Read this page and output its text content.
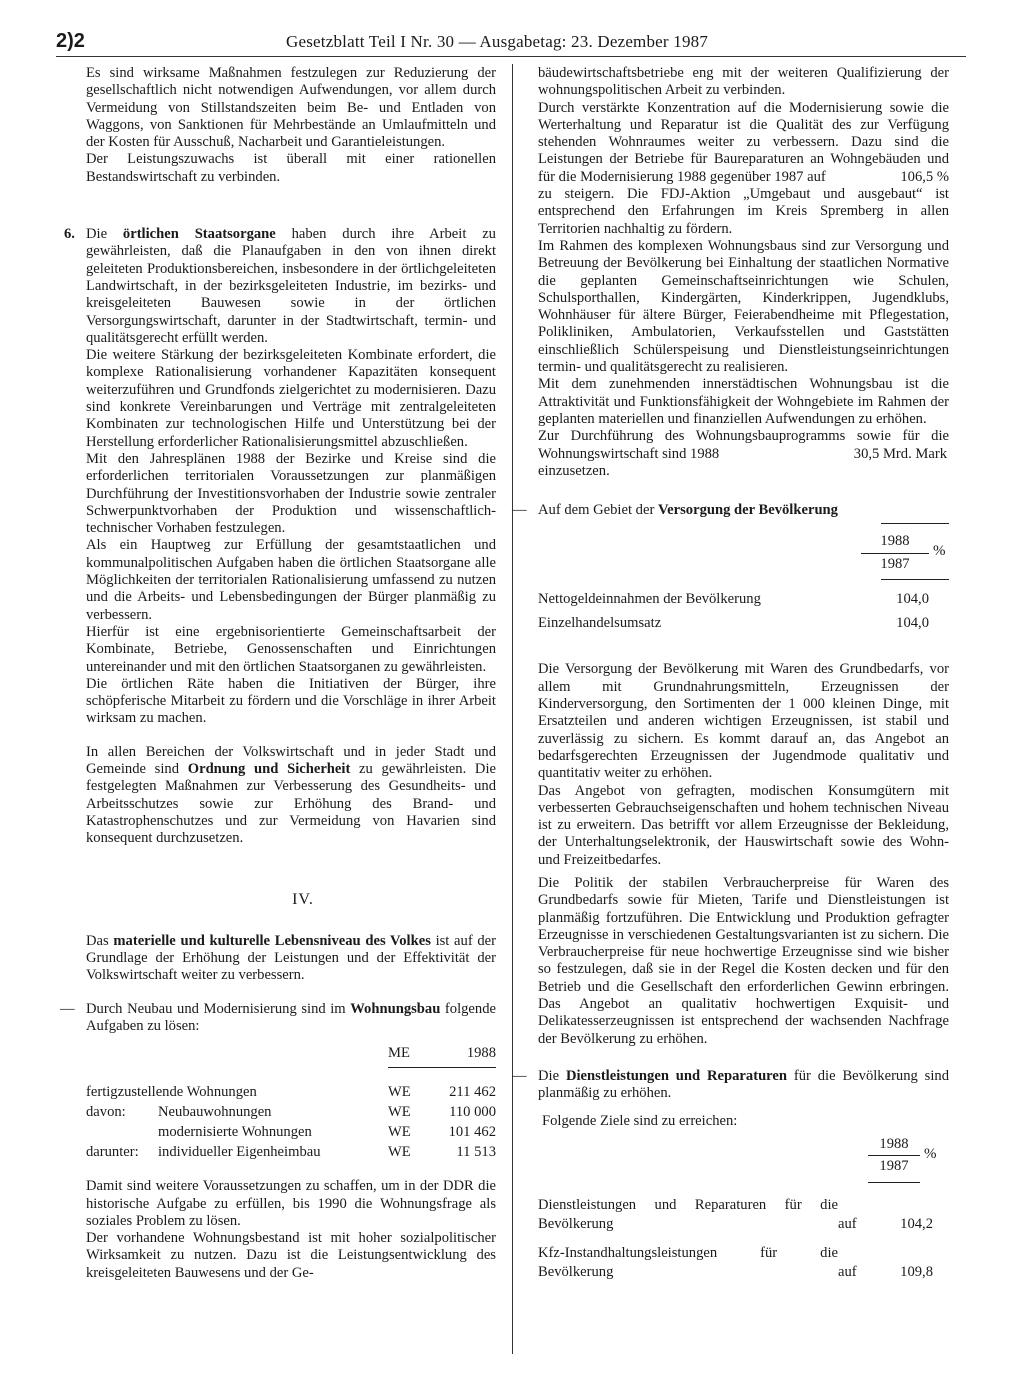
2)2	Gesetzblatt Teil I Nr. 30 — Ausgabetag: 23. Dezember 1987

Es sind wirksame Maßnahmen festzulegen zur Reduzierung der gesellschaftlich nicht notwendigen Aufwendungen, vor allem durch Vermeidung von Stillstandszeiten beim Be- und Entladen von Waggons, von Sanktionen für Mehrbestände an Umlaufmitteln und der Kosten für Ausschuß, Nacharbeit und Garantieleistungen.

Der Leistungszuwachs ist überall mit einer rationellen Bestandswirtschaft zu verbinden.

6. Die örtlichen Staatsorgane haben durch ihre Arbeit zu gewährleisten, daß die Planaufgaben in den von ihnen direkt geleiteten Produktionsbereichen, insbesondere in der örtlichgeleiteten Landwirtschaft, in der bezirksgeleiteten Industrie, im bezirks- und kreisgeleiteten Bauwesen sowie in der örtlichen Versorgungswirtschaft, darunter in der Stadtwirtschaft, termin- und qualitätsgerecht erfüllt werden.

Die weitere Stärkung der bezirksgeleiteten Kombinate erfordert, die komplexe Rationalisierung vorhandener Kapazitäten konsequent weiterzuführen und Grundfonds zielgerichtet zu modernisieren. Dazu sind konkrete Vereinbarungen und Verträge mit zentralgeleiteten Kombinaten zur technologischen Hilfe und Unterstützung bei der Herstellung erforderlicher Rationalisierungsmittel abzuschließen.

Mit den Jahresplänen 1988 der Bezirke und Kreise sind die erforderlichen territorialen Voraussetzungen zur planmäßigen Durchführung der Investitionsvorhaben der Industrie sowie zentraler Schwerpunktvorhaben der Produktion und wissenschaftlich-technischer Vorhaben festzulegen.

Als ein Hauptweg zur Erfüllung der gesamtstaatlichen und kommunalpolitischen Aufgaben haben die örtlichen Staatsorgane alle Möglichkeiten der territorialen Rationalisierung umfassend zu nutzen und die Arbeits- und Lebensbedingungen der Bürger planmäßig zu verbessern.

Hierfür ist eine ergebnisorientierte Gemeinschaftsarbeit der Kombinate, Betriebe, Genossenschaften und Einrichtungen untereinander und mit den örtlichen Staatsorganen zu gewährleisten.

Die örtlichen Räte haben die Initiativen der Bürger, ihre schöpferische Mitarbeit zu fördern und die Vorschläge in ihrer Arbeit wirksam zu machen.

In allen Bereichen der Volkswirtschaft und in jeder Stadt und Gemeinde sind Ordnung und Sicherheit zu gewährleisten. Die festgelegten Maßnahmen zur Verbesserung des Gesundheits- und Arbeitsschutzes sowie zur Erhöhung des Brand- und Katastrophenschutzes und zur Vermeidung von Havarien sind konsequent durchzusetzen.

IV.

Das materielle und kulturelle Lebensniveau des Volkes ist auf der Grundlage der Erhöhung der Leistungen und der Effektivität der Volkswirtschaft weiter zu verbessern.

— Durch Neubau und Modernisierung sind im Wohnungsbau folgende Aufgaben zu lösen:

		ME	1988

fertigzustellende Wohnungen		WE	211 462
davon:	Neubauwohnungen	WE	110 000
	modernisierte Wohnungen	WE	101 462
darunter:	individueller Eigenheimbau	WE	11 513

Damit sind weitere Voraussetzungen zu schaffen, um in der DDR die historische Aufgabe zu erfüllen, bis 1990 die Wohnungsfrage als soziales Problem zu lösen.

Der vorhandene Wohnungsbestand ist mit hoher sozialpolitischer Wirksamkeit zu nutzen. Dazu ist die Leistungsentwicklung des kreisgeleiteten Bauwesens und der Ge-

bäudewirtschaftsbetriebe eng mit der weiteren Qualifizierung der wohnungspolitischen Arbeit zu verbinden.

Durch verstärkte Konzentration auf die Modernisierung sowie die Werterhaltung und Reparatur ist die Qualität des zur Verfügung stehenden Wohnraumes weiter zu verbessern. Dazu sind die Leistungen der Betriebe für Baureparaturen an Wohngebäuden und für die Modernisierung 1988 gegenüber 1987 auf	106,5 %

zu steigern. Die FDJ-Aktion „Umgebaut und ausgebaut“ ist entsprechend den Erfahrungen im Kreis Spremberg in allen Territorien nachhaltig zu fördern.

Im Rahmen des komplexen Wohnungsbaus sind zur Versorgung und Betreuung der Bevölkerung bei Einhaltung der staatlichen Normative die geplanten Gemeinschaftseinrichtungen wie Schulen, Schulsporthallen, Kindergärten, Kinderkrippen, Jugendklubs, Wohnhäuser für ältere Bürger, Feierabendheime mit Pflegestation, Polikliniken, Ambulatorien, Verkaufsstellen und Gaststätten einschließlich Schülerspeisung und Dienstleistungseinrichtungen termin- und qualitätsgerecht zu realisieren.

Mit dem zunehmenden innerstädtischen Wohnungsbau ist die Attraktivität und Funktionsfähigkeit der Wohngebiete im Rahmen der geplanten materiellen und finanziellen Aufwendungen zu erhöhen.

Zur Durchführung des Wohnungsbauprogramms sowie für die Wohnungswirtschaft sind 1988	30,5 Mrd. Mark

einzusetzen.

— Auf dem Gebiet der Versorgung der Bevölkerung

$\frac{1988}{1987}$ %
Nettogeldeinnahmen der Bevölkerung	104,0
Einzelhandelsumsatz	104,0

Die Versorgung der Bevölkerung mit Waren des Grundbedarfs, vor allem mit Grundnahrungsmitteln, Erzeugnissen der Kinderversorgung, den Sortimenten der 1 000 kleinen Dinge, mit Ersatzteilen und anderen wichtigen Erzeugnissen, ist stabil und zuverlässig zu sichern. Es kommt darauf an, das Angebot an bedarfsgerechten Erzeugnissen der Jugendmode qualitativ und quantitativ weiter zu erhöhen.

Das Angebot von gefragten, modischen Konsumgütern mit verbesserten Gebrauchseigenschaften und hohem technischen Niveau ist zu erweitern. Das betrifft vor allem Erzeugnisse der Bekleidung, der Unterhaltungselektronik, der Hauswirtschaft sowie des Wohn- und Freizeitbedarfes.

Die Politik der stabilen Verbraucherpreise für Waren des Grundbedarfs sowie für Mieten, Tarife und Dienstleistungen ist planmäßig fortzuführen. Die Entwicklung und Produktion gefragter Erzeugnisse in verschiedenen Gestaltungsvarianten ist zu sichern. Die Verbraucherpreise für neue hochwertige Erzeugnisse sind wie bisher so festzulegen, daß sie in der Regel die Kosten decken und für den Betrieb und die Gesellschaft den erforderlichen Gewinn erbringen. Das Angebot an qualitativ hochwertigen Exquisit- und Delikatesserzeugnissen ist entsprechend der wachsenden Nachfrage der Bevölkerung zu erhöhen.

— Die Dienstleistungen und Reparaturen für die Bevölkerung sind planmäßig zu erhöhen.

Folgende Ziele sind zu erreichen:

$\frac{1988}{1987}$ %
Dienstleistungen und Reparaturen für die Bevölkerung	auf	104,2
Kfz-Instandhaltungsleistungen für die Bevölkerung	auf	109,8
